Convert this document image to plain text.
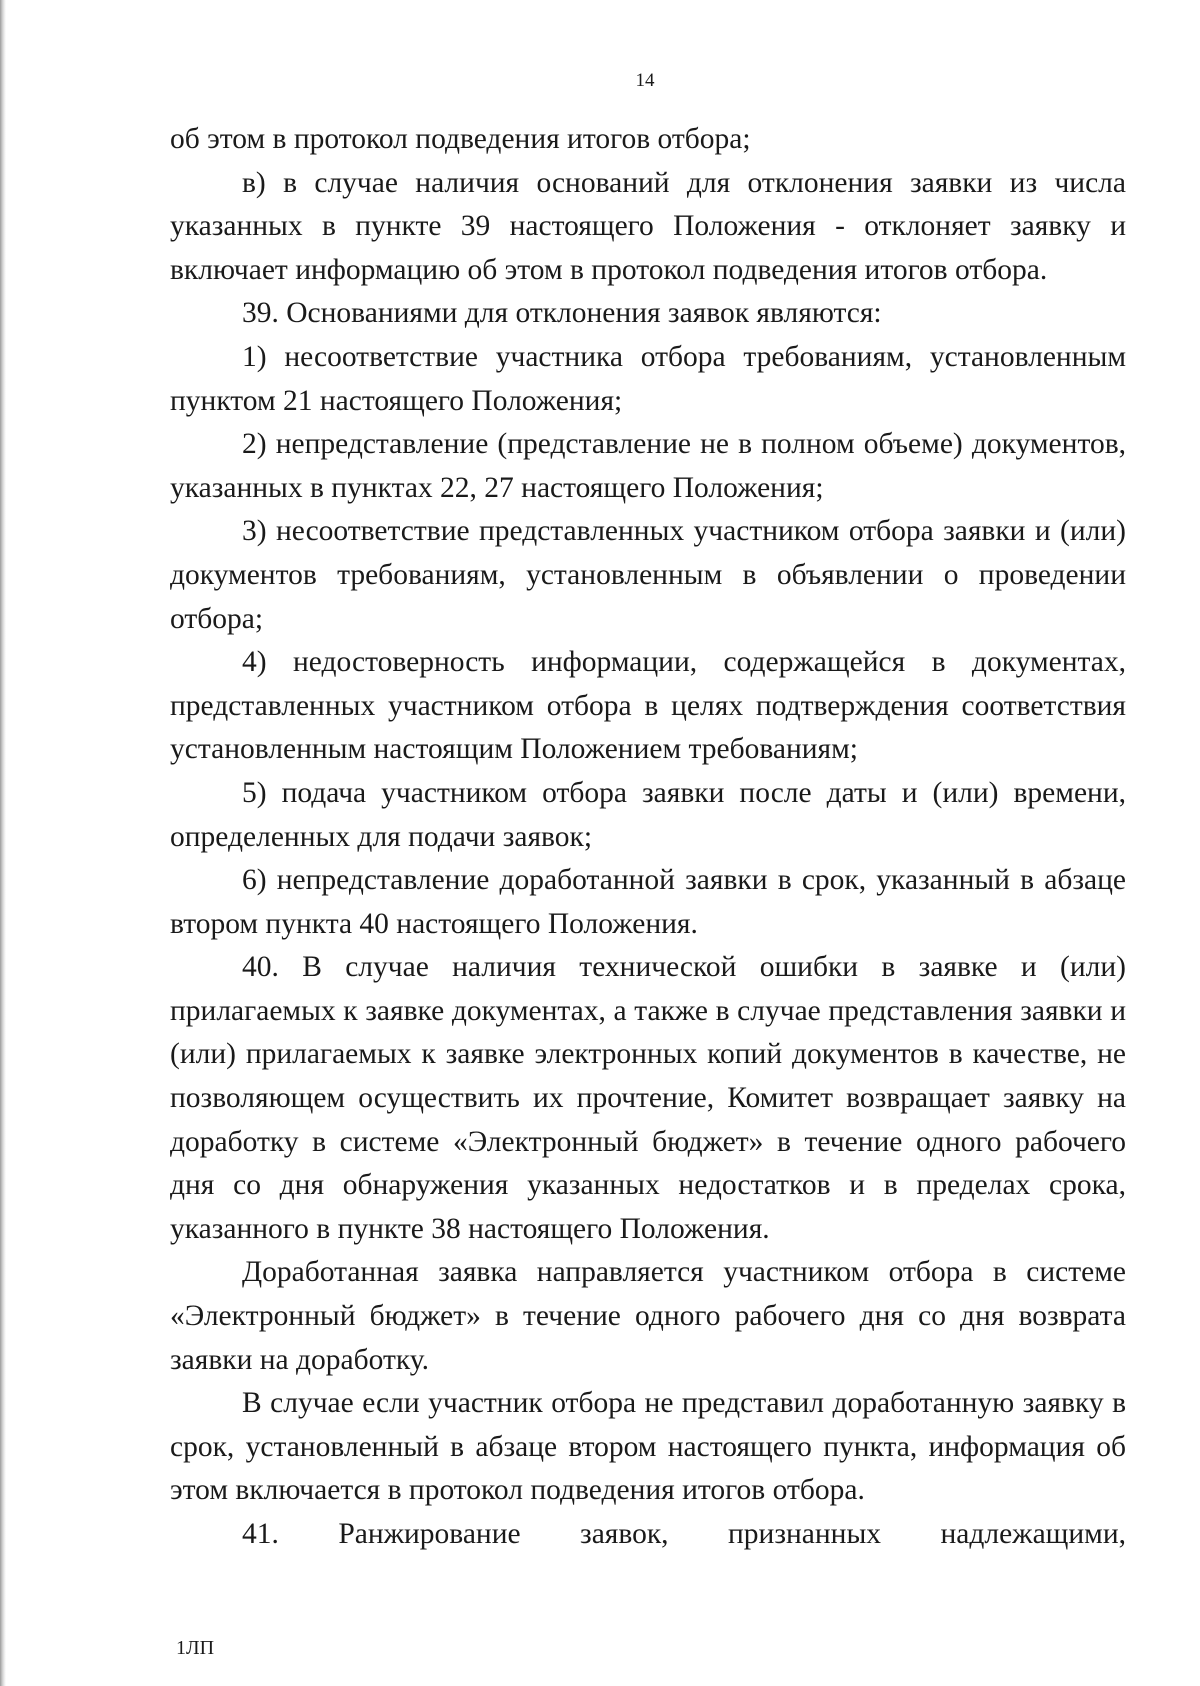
14

об этом в протокол подведения итогов отбора;

в) в случае наличия оснований для отклонения заявки из числа указанных в пункте 39 настоящего Положения - отклоняет заявку и включает информацию об этом в протокол подведения итогов отбора.

39. Основаниями для отклонения заявок являются:

1) несоответствие участника отбора требованиям, установленным пунктом 21 настоящего Положения;

2) непредставление (представление не в полном объеме) документов, указанных в пунктах 22, 27 настоящего Положения;

3) несоответствие представленных участником отбора заявки и (или) документов требованиям, установленным в объявлении о проведении отбора;

4) недостоверность информации, содержащейся в документах, представленных участником отбора в целях подтверждения соответствия установленным настоящим Положением требованиям;

5) подача участником отбора заявки после даты и (или) времени, определенных для подачи заявок;

6) непредставление доработанной заявки в срок, указанный в абзаце втором пункта 40 настоящего Положения.

40. В случае наличия технической ошибки в заявке и (или) прилагаемых к заявке документах, а также в случае представления заявки и (или) прилагаемых к заявке электронных копий документов в качестве, не позволяющем осуществить их прочтение, Комитет возвращает заявку на доработку в системе «Электронный бюджет» в течение одного рабочего дня со дня обнаружения указанных недостатков и в пределах срока, указанного в пункте 38 настоящего Положения.

Доработанная заявка направляется участником отбора в системе «Электронный бюджет» в течение одного рабочего дня со дня возврата заявки на доработку.

В случае если участник отбора не представил доработанную заявку в срок, установленный в абзаце втором настоящего пункта, информация об этом включается в протокол подведения итогов отбора.

41. Ранжирование заявок, признанных надлежащими,

1ЛП
